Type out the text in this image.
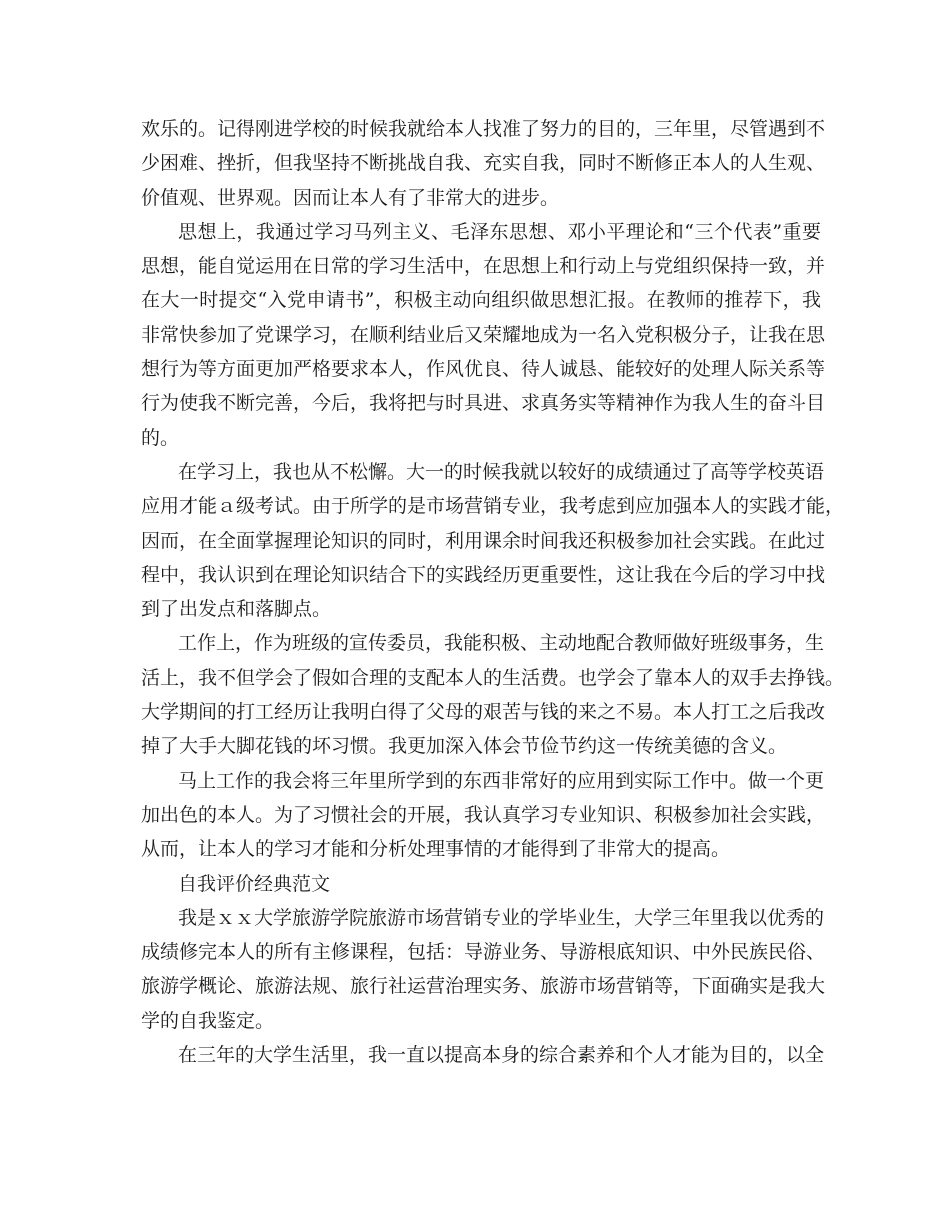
欢乐的。记得刚进学校的时候我就给本人找准了努力的目的，三年里，尽管遇到不
少困难、挫折，但我坚持不断挑战自我、充实自我，同时不断修正本人的人生观、
价值观、世界观。因而让本人有了非常大的进步。
思想上，我通过学习马列主义、毛泽东思想、邓小平理论和“三个代表”重要
思想，能自觉运用在日常的学习生活中，在思想上和行动上与党组织保持一致，并
在大一时提交“入党申请书”，积极主动向组织做思想汇报。在教师的推荐下，我
非常快参加了党课学习，在顺利结业后又荣耀地成为一名入党积极分子，让我在思
想行为等方面更加严格要求本人，作风优良、待人诚恳、能较好的处理人际关系等
行为使我不断完善，今后，我将把与时具进、求真务实等精神作为我人生的奋斗目
的。
在学习上，我也从不松懈。大一的时候我就以较好的成绩通过了高等学校英语
应用才能ａ级考试。由于所学的是市场营销专业，我考虑到应加强本人的实践才能，
因而，在全面掌握理论知识的同时，利用课余时间我还积极参加社会实践。在此过
程中，我认识到在理论知识结合下的实践经历更重要性，这让我在今后的学习中找
到了出发点和落脚点。
工作上，作为班级的宣传委员，我能积极、主动地配合教师做好班级事务，生
活上，我不但学会了假如合理的支配本人的生活费。也学会了靠本人的双手去挣钱。
大学期间的打工经历让我明白得了父母的艰苦与钱的来之不易。本人打工之后我改
掉了大手大脚花钱的坏习惯。我更加深入体会节俭节约这一传统美德的含义。
马上工作的我会将三年里所学到的东西非常好的应用到实际工作中。做一个更
加出色的本人。为了习惯社会的开展，我认真学习专业知识、积极参加社会实践，
从而，让本人的学习才能和分析处理事情的才能得到了非常大的提高。
自我评价经典范文
我是ｘｘ大学旅游学院旅游市场营销专业的学毕业生，大学三年里我以优秀的
成绩修完本人的所有主修课程，包括：导游业务、导游根底知识、中外民族民俗、
旅游学概论、旅游法规、旅行社运营治理实务、旅游市场营销等，下面确实是我大
学的自我鉴定。
在三年的大学生活里，我一直以提高本身的综合素养和个人才能为目的，以全
